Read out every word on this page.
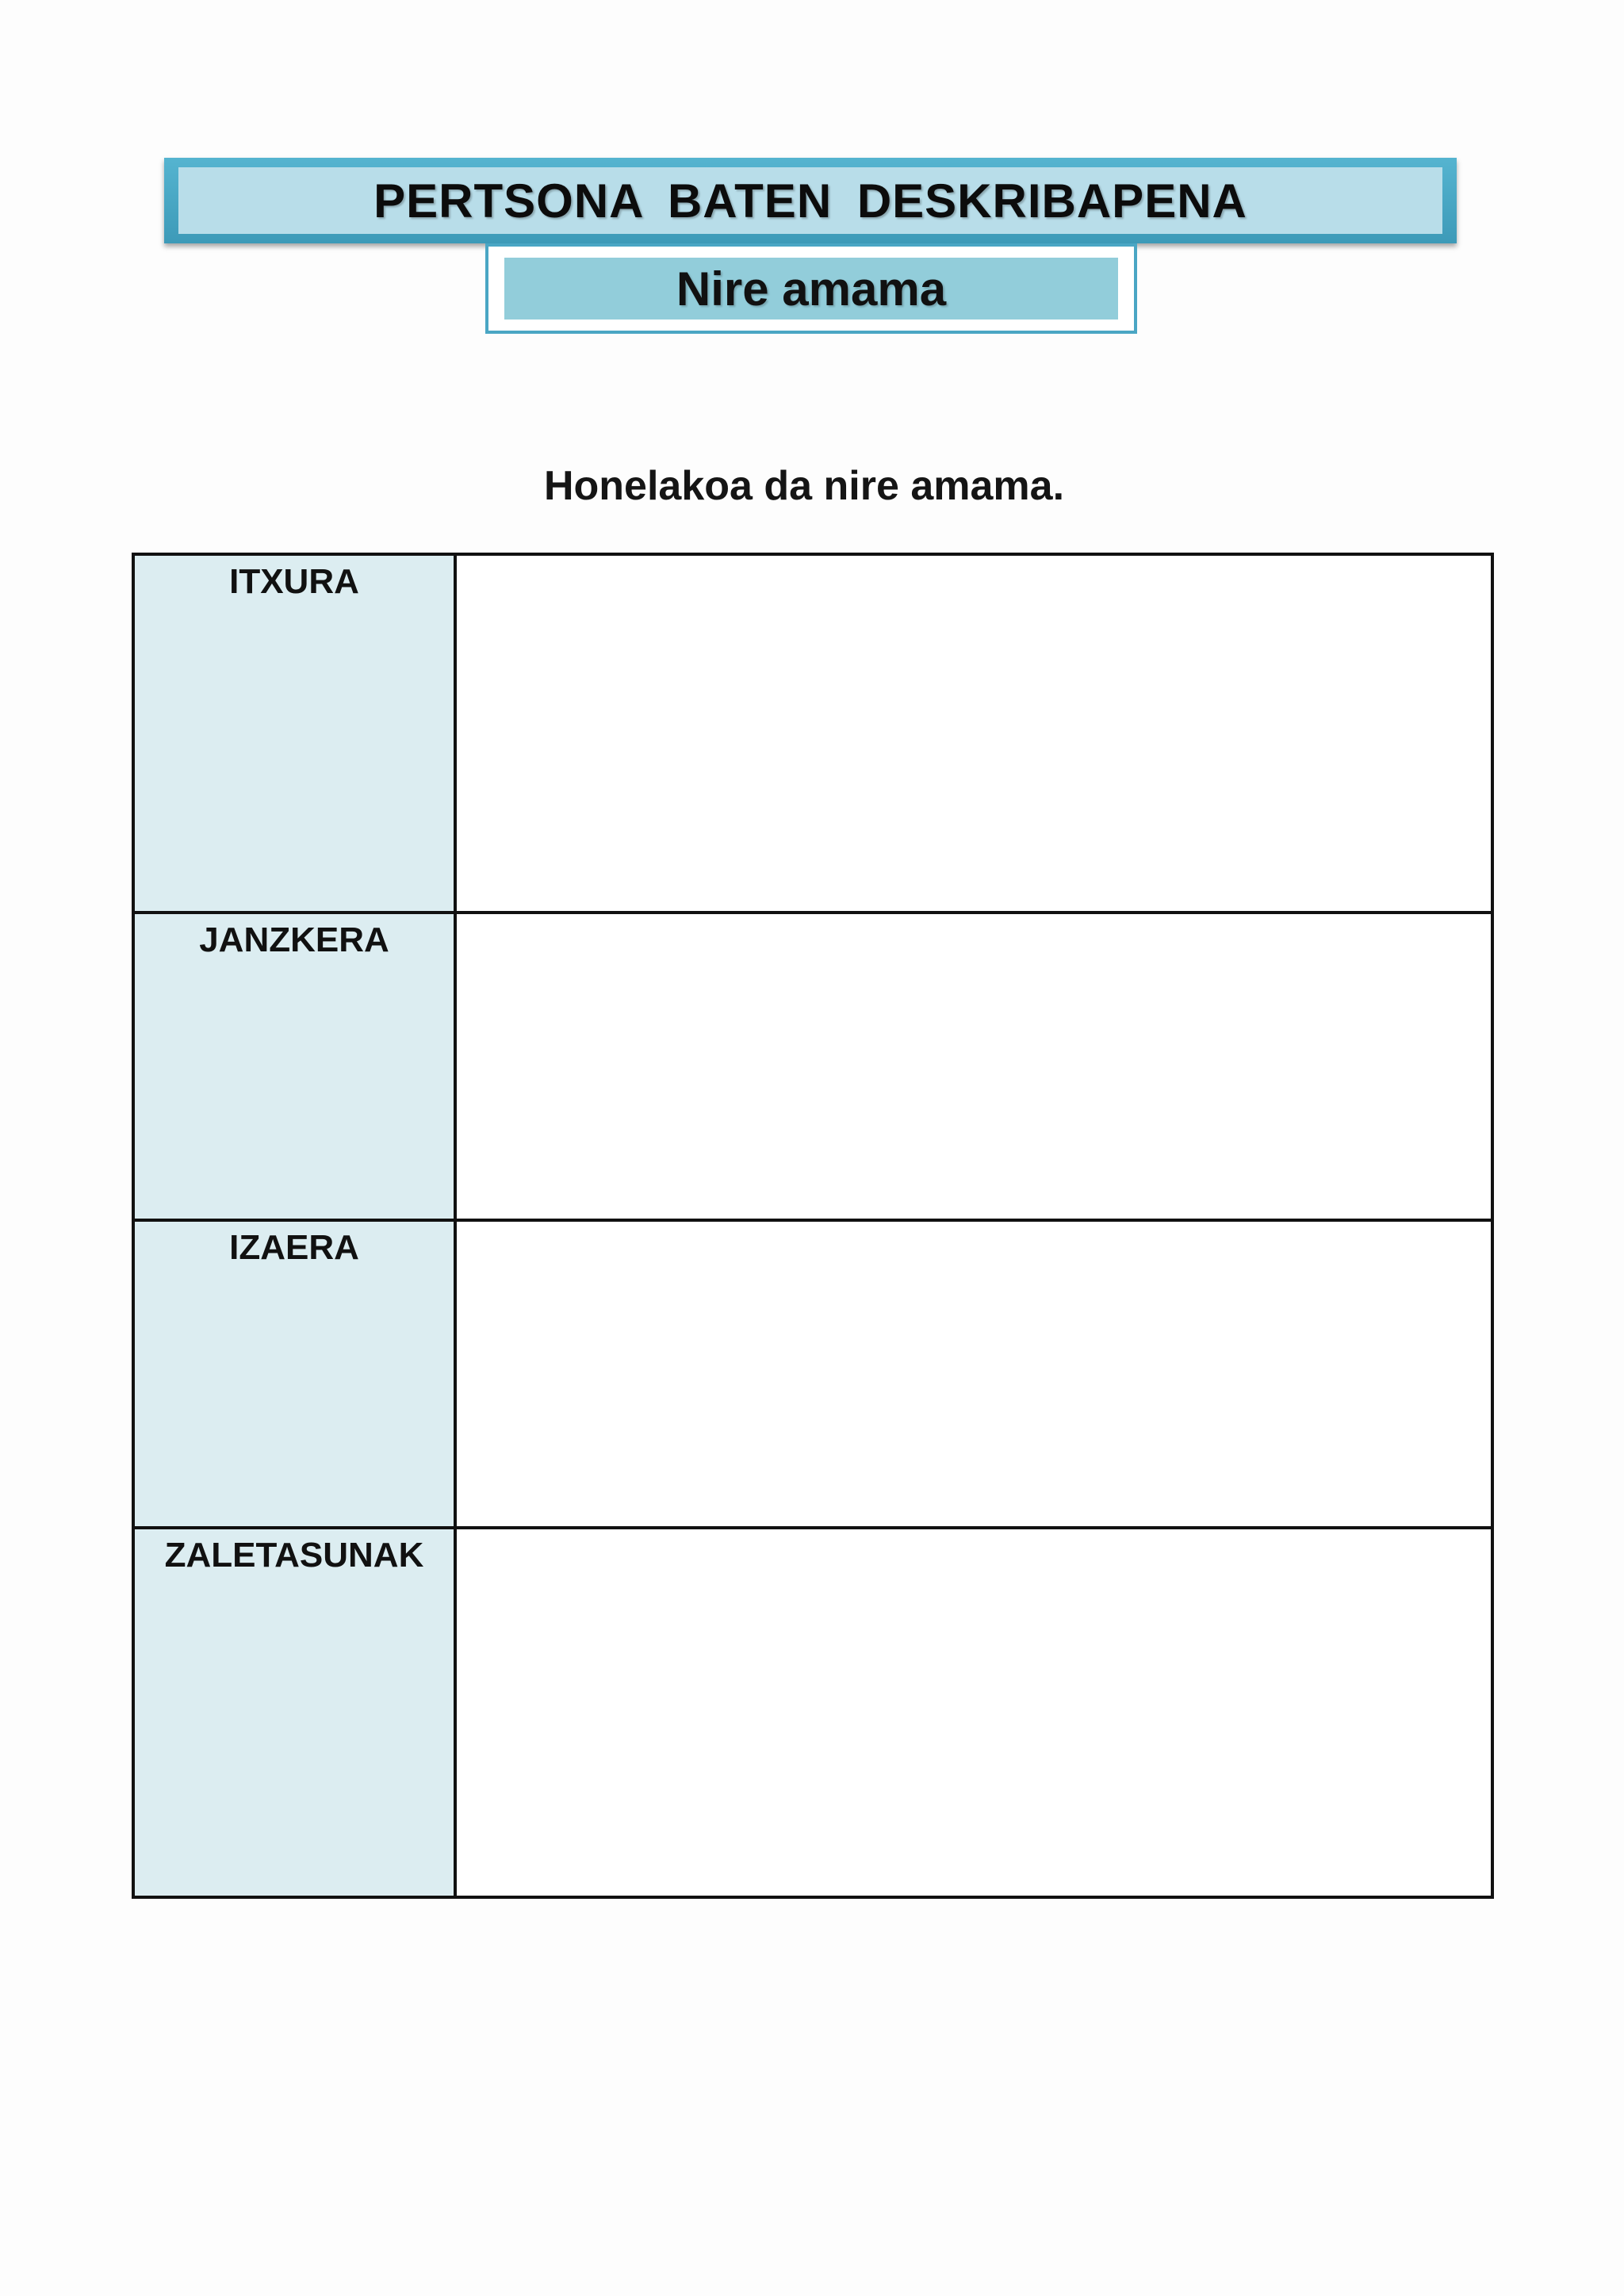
PERTSONA BATEN DESKRIBAPENA
Nire amama
Honelakoa da nire amama.
ITXURA	

JANZKERA	

IZAERA	

ZALETASUNAK	
